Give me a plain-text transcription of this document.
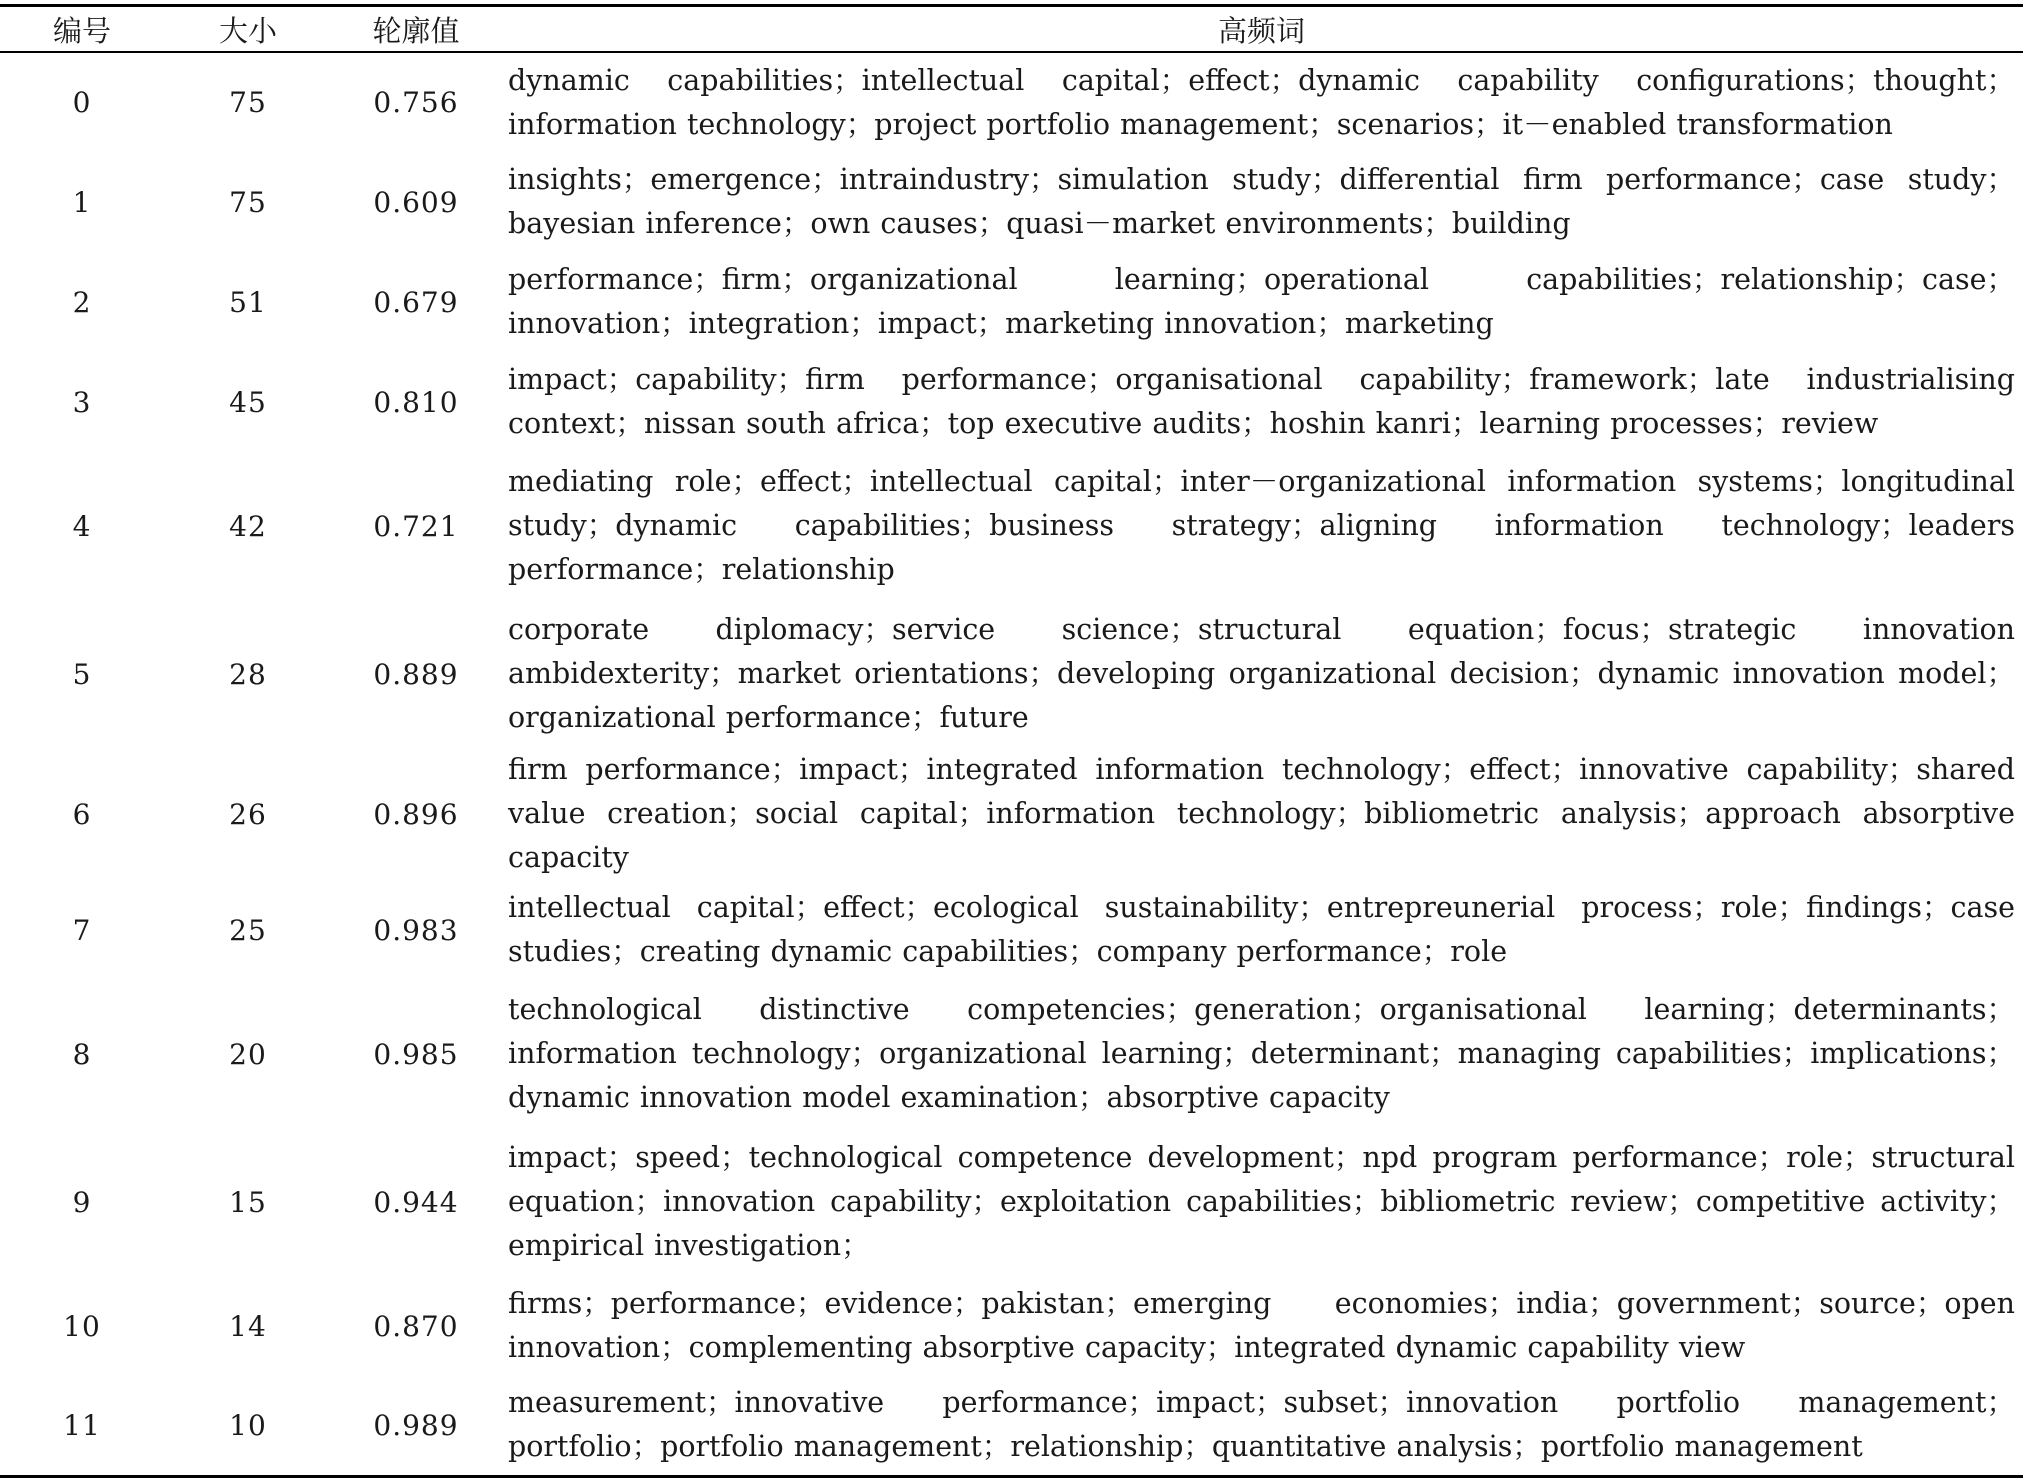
编号	大小	轮廓值	高频词
0	75	0.756	dynamic capabilities；intellectual capital；effect；dynamic capability configurations；thought；information technology；project portfolio management；scenarios；it－enabled transformation
1	75	0.609	insights；emergence；intraindustry；simulation study；differential firm performance；case study；bayesian inference；own causes；quasi－market environments；building
2	51	0.679	performance；firm；organizational learning；operational capabilities；relationship；case；innovation；integration；impact；marketing innovation；marketing
3	45	0.810	impact；capability；firm performance；organisational capability；framework；late industrialising context；nissan south africa；top executive audits；hoshin kanri；learning processes；review
4	42	0.721	mediating role；effect；intellectual capital；inter－organizational information systems；longitudinal study；dynamic capabilities；business strategy；aligning information technology；leaders performance；relationship
5	28	0.889	corporate diplomacy；service science；structural equation；focus；strategic innovation ambidexterity；market orientations；developing organizational decision；dynamic innovation model；organizational performance；future
6	26	0.896	firm performance；impact；integrated information technology；effect；innovative capability；shared value creation；social capital；information technology；bibliometric analysis；approach absorptive capacity
7	25	0.983	intellectual capital；effect；ecological sustainability；entrepreunerial process；role；findings；case studies；creating dynamic capabilities；company performance；role
8	20	0.985	technological distinctive competencies；generation；organisational learning；determinants；information technology；organizational learning；determinant；managing capabilities；implications；dynamic innovation model examination；absorptive capacity
9	15	0.944	impact；speed；technological competence development；npd program performance；role；structural equation；innovation capability；exploitation capabilities；bibliometric review；competitive activity；empirical investigation；
10	14	0.870	firms；performance；evidence；pakistan；emerging economies；india；government；source；open innovation；complementing absorptive capacity；integrated dynamic capability view
11	10	0.989	measurement；innovative performance；impact；subset；innovation portfolio management；portfolio；portfolio management；relationship；quantitative analysis；portfolio management
